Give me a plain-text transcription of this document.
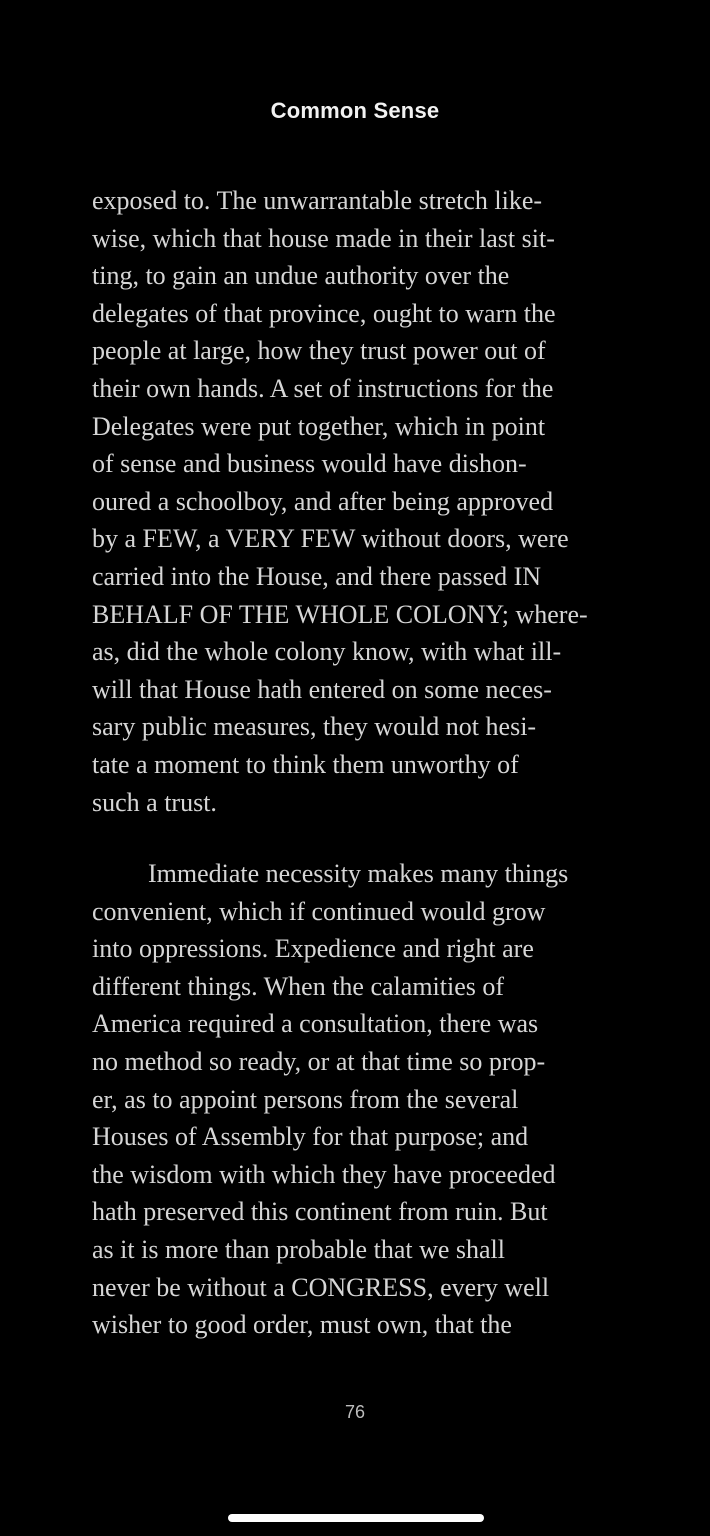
Common Sense
exposed to. The unwarrantable stretch like-
wise, which that house made in their last sit-
ting, to gain an undue authority over the
delegates of that province, ought to warn the
people at large, how they trust power out of
their own hands. A set of instructions for the
Delegates were put together, which in point
of sense and business would have dishon-
oured a schoolboy, and after being approved
by a FEW, a VERY FEW without doors, were
carried into the House, and there passed IN
BEHALF OF THE WHOLE COLONY; where-
as, did the whole colony know, with what ill-
will that House hath entered on some neces-
sary public measures, they would not hesi-
tate a moment to think them unworthy of
such a trust.
Immediate necessity makes many things
convenient, which if continued would grow
into oppressions. Expedience and right are
different things. When the calamities of
America required a consultation, there was
no method so ready, or at that time so prop-
er, as to appoint persons from the several
Houses of Assembly for that purpose; and
the wisdom with which they have proceeded
hath preserved this continent from ruin. But
as it is more than probable that we shall
never be without a CONGRESS, every well
wisher to good order, must own, that the
76
